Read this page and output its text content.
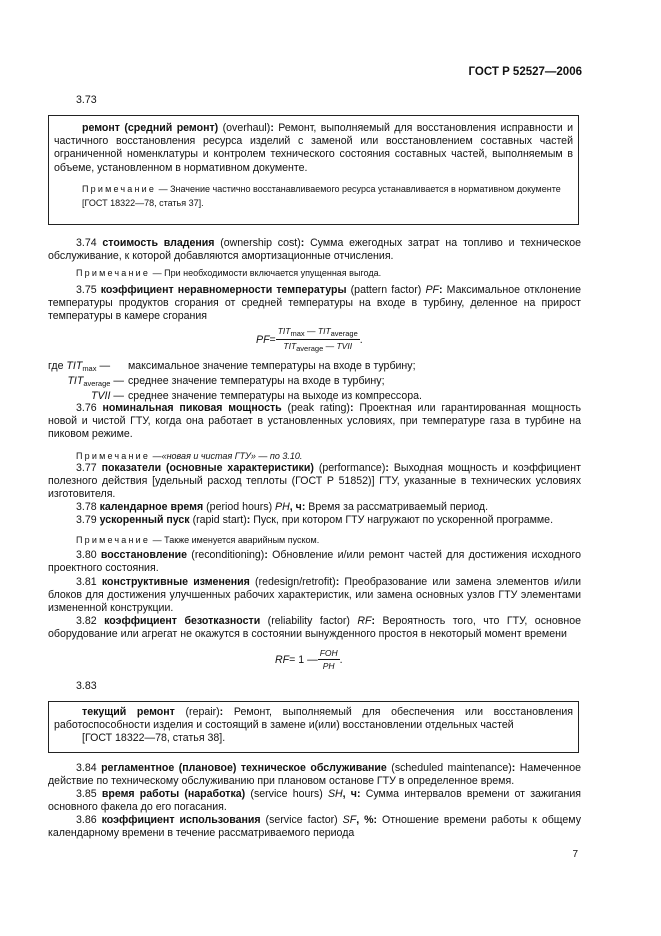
ГОСТ Р 52527—2006

3.73

ремонт (средний ремонт) (overhaul): Ремонт, выполняемый для восстановления исправности и частичного восстановления ресурса изделий с заменой или восстановлением составных частей ограниченной номенклатуры и контролем технического состояния составных частей, выполняемым в объеме, установленном в нормативном документе.

Примечание — Значение частично восстанавливаемого ресурса устанавливается в нормативном документе

[ГОСТ 18322—78, статья 37].

3.74 стоимость владения (ownership cost): Сумма ежегодных затрат на топливо и техническое обслуживание, к которой добавляются амортизационные отчисления.

Примечание — При необходимости включается упущенная выгода.

3.75 коэффициент неравномерности температуры (pattern factor) PF: Максимальное отклонение температуры продуктов сгорания от средней температуры на входе в турбину, деленное на прирост температуры в камере сгорания

PF = $\frac{\text{TITmax — TITaverage}}{\text{TITaverage — TVII}}$ .
где $TIT_{max}$ —	максимальное значение температуры на входе в турбину;
$TIT_{average}$ — среднее значение температуры на входе в турбину;
TVII — среднее значение температуры на выходе из компрессора.

3.76 номинальная пиковая мощность (peak rating): Проектная или гарантированная мощность новой и чистой ГТУ, когда она работает в установленных условиях, при температуре газа в турбине на пиковом режиме.

Примечание —«новая и чистая ГТУ» — по 3.10.

3.77 показатели (основные характеристики) (performance): Выходная мощность и коэффициент полезного действия [удельный расход теплоты (ГОСТ Р 51852)] ГТУ, указанные в технических условиях изготовителя.

3.78 календарное время (period hours) PH, ч: Время за рассматриваемый период.

3.79 ускоренный пуск (rapid start): Пуск, при котором ГТУ нагружают по ускоренной программе.

Примечание — Также именуется аварийным пуском.

3.80 восстановление (reconditioning): Обновление и/или ремонт частей для достижения исходного проектного состояния.

3.81 конструктивные изменения (redesign/retrofit): Преобразование или замена элементов и/или блоков для достижения улучшенных рабочих характеристик, или замена основных узлов ГТУ элементами измененной конструкции.

3.82 коэффициент безотказности (reliability factor) RF: Вероятность того, что ГТУ, основное оборудование или агрегат не окажутся в состоянии вынужденного простоя в некоторый момент времени

RF = 1 — $\frac{\text{FOH}}{PH}$ .

3.83

текущий ремонт (repair): Ремонт, выполняемый для обеспечения или восстановления работоспособности изделия и состоящий в замене и(или) восстановлении отдельных частей

[ГОСТ 18322—78, статья 38].

3.84 регламентное (плановое) техническое обслуживание (scheduled maintenance): Намеченное действие по техническому обслуживанию при плановом останове ГТУ в определенное время.

3.85 время работы (наработка) (service hours) SH, ч: Сумма интервалов времени от зажигания основного факела до его погасания.

3.86 коэффициент использования (service factor) SF, %: Отношение времени работы к общему календарному времени в течение рассматриваемого периода

7
